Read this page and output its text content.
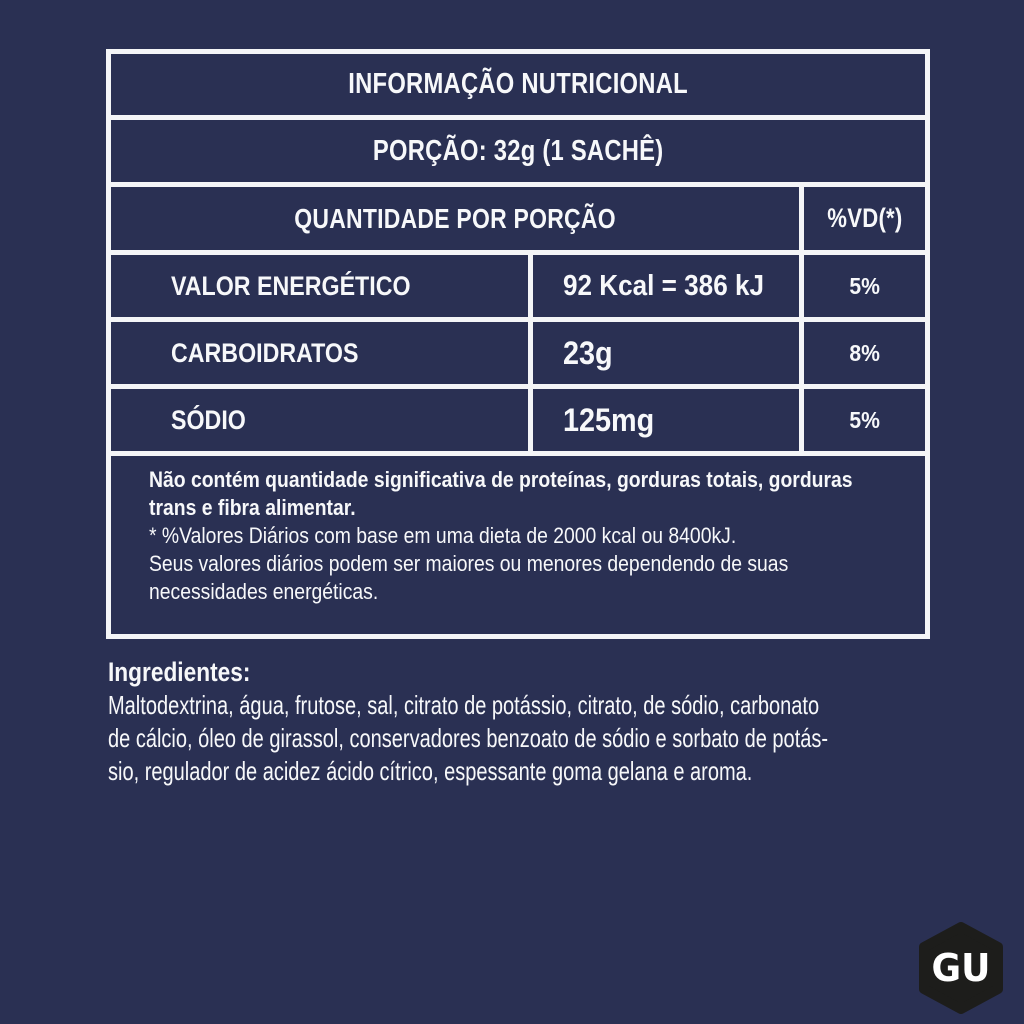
INFORMAÇÃO NUTRICIONAL
PORÇÃO: 32g (1 SACHÊ)
QUANTIDADE POR PORÇÃO	%VD(*)
VALOR ENERGÉTICO	92 Kcal = 386 kJ	5%
CARBOIDRATOS	23g	8%
SÓDIO	125mg	5%
Não contém quantidade significativa de proteínas, gorduras totais, gorduras
trans e fibra alimentar.
* %Valores Diários com base em uma dieta de 2000 kcal ou 8400kJ.
Seus valores diários podem ser maiores ou menores dependendo de suas
necessidades energéticas.
Ingredientes:
Maltodextrina, água, frutose, sal, citrato de potássio, citrato, de sódio, carbonato
de cálcio, óleo de girassol, conservadores benzoato de sódio e sorbato de potás-
sio, regulador de acidez ácido cítrico, espessante goma gelana e aroma.
GU
